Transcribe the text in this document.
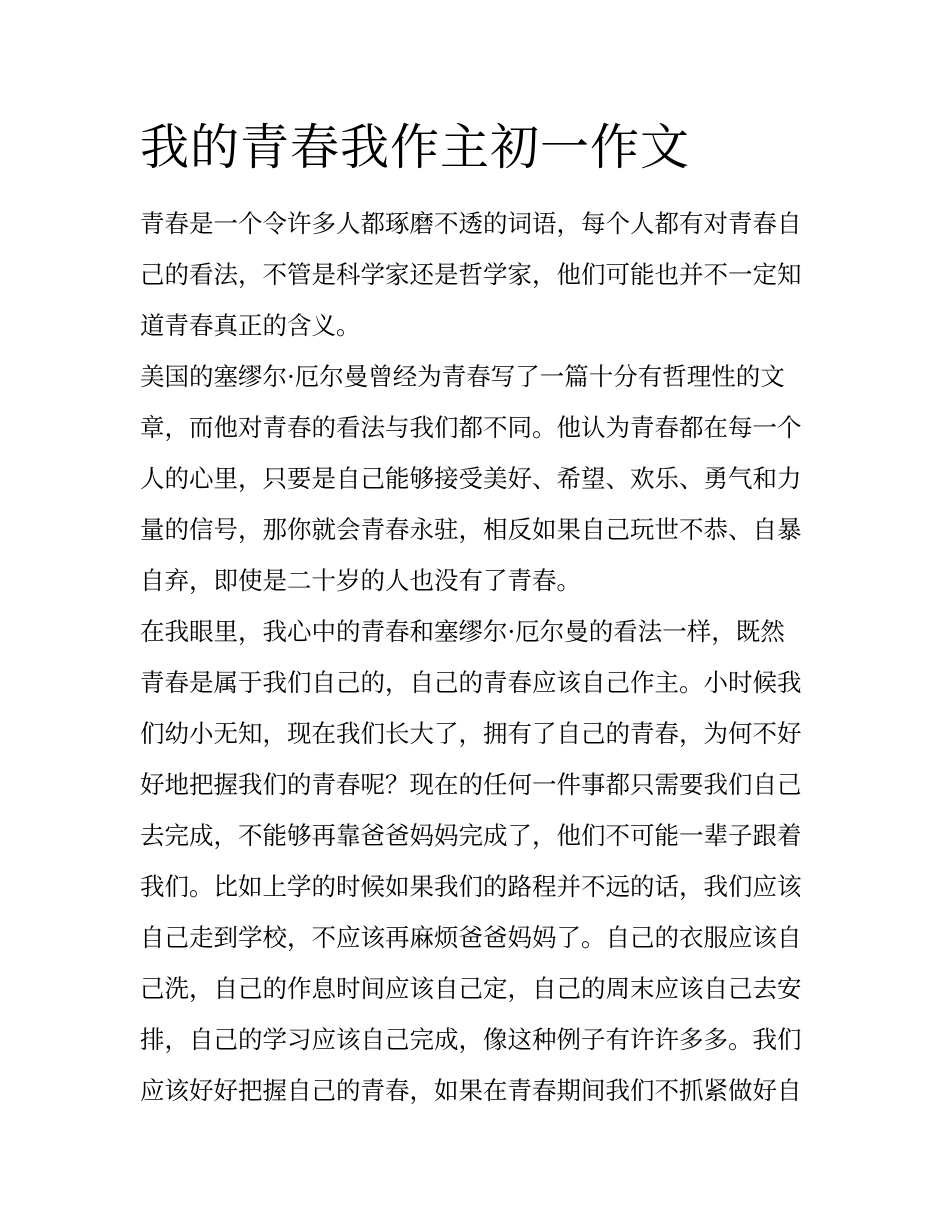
我的青春我作主初一作文
青春是一个令许多人都琢磨不透的词语，每个人都有对青春自
己的看法，不管是科学家还是哲学家，他们可能也并不一定知
道青春真正的含义。
美国的塞缪尔·厄尔曼曾经为青春写了一篇十分有哲理性的文
章，而他对青春的看法与我们都不同。他认为青春都在每一个
人的心里，只要是自己能够接受美好、希望、欢乐、勇气和力
量的信号，那你就会青春永驻，相反如果自己玩世不恭、自暴
自弃，即使是二十岁的人也没有了青春。
在我眼里，我心中的青春和塞缪尔·厄尔曼的看法一样，既然
青春是属于我们自己的，自己的青春应该自己作主。小时候我
们幼小无知，现在我们长大了，拥有了自己的青春，为何不好
好地把握我们的青春呢？现在的任何一件事都只需要我们自己
去完成，不能够再靠爸爸妈妈完成了，他们不可能一辈子跟着
我们。比如上学的时候如果我们的路程并不远的话，我们应该
自己走到学校，不应该再麻烦爸爸妈妈了。自己的衣服应该自
己洗，自己的作息时间应该自己定，自己的周末应该自己去安
排，自己的学习应该自己完成，像这种例子有许许多多。我们
应该好好把握自己的青春，如果在青春期间我们不抓紧做好自
